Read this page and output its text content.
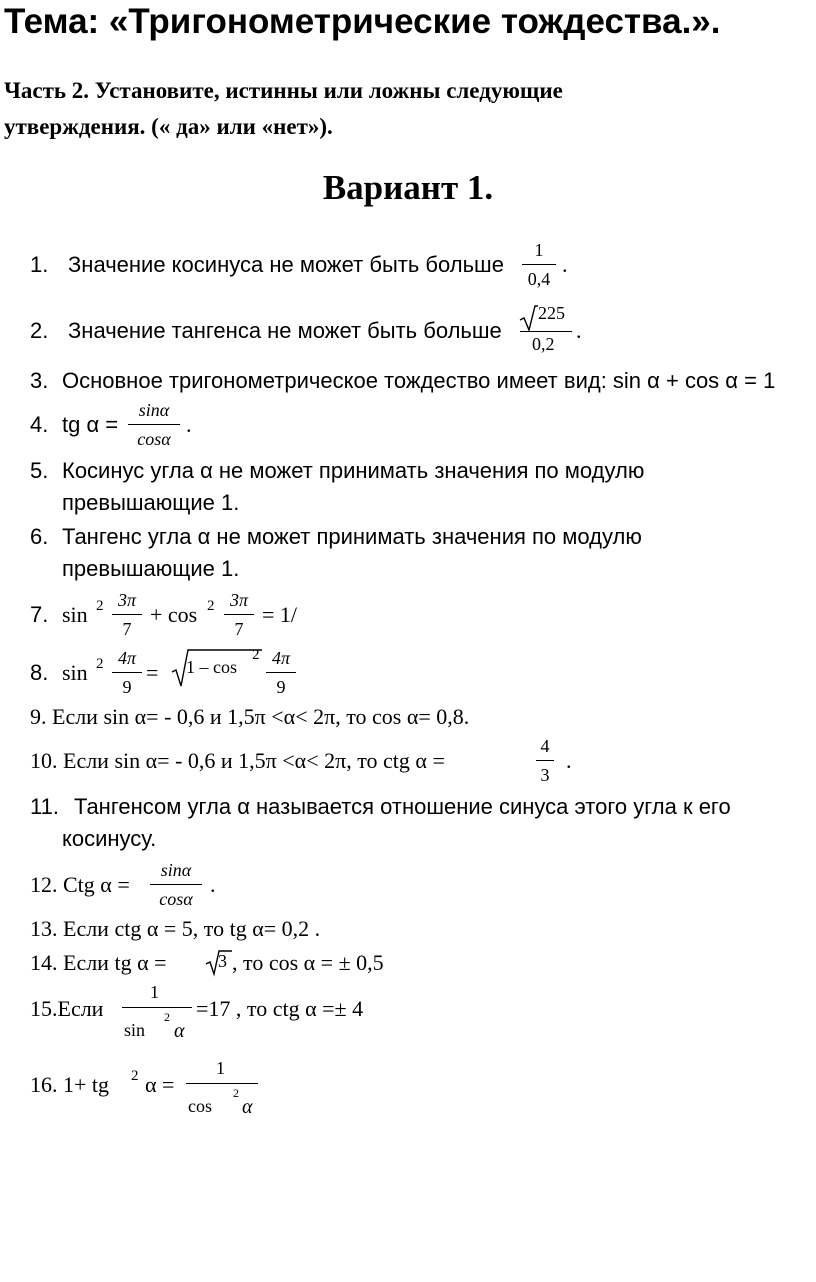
Тема: «Тригонометрические тождества.».
Часть 2. Установите, истинны или ложны следующие
утверждения. (« да» или «нет»).
Вариант 1.
1. Значение косинуса не может быть больше
1
0,4
.
2. Значение тангенса не может быть больше
225
0,2
.
3. Основное тригонометрическое тождество имеет вид: sin α + cos α = 1
4. tg α =
sinα
cosα
.
5. Косинус угла α не может принимать значения по модулю
превышающие 1.
6. Тангенс угла α не может принимать значения по модулю
превышающие 1.
7. sin 2 3π
7
+ cos 2 3π
7
= 1/
8. sin 2 4π
9
= 1 – cos
2 4π
9
9. Если sin α= - 0,6 и 1,5π <α< 2π, то cos α= 0,8.
10. Если sin α= - 0,6 и 1,5π <α< 2π, то ctg α =
4
3
.
11. Тангенсом угла α называется отношение синуса этого угла к его
косинусу.
12. Ctg α =
sinα
cosα
.
13. Если ctg α = 5, то tg α= 0,2 .
14. Если tg α =	3 , то cos α = ± 0,5
15.Если
1
sin
2
α
=17 , то ctg α =± 4
16. 1+ tg 2 α =
1
cos
2
α
